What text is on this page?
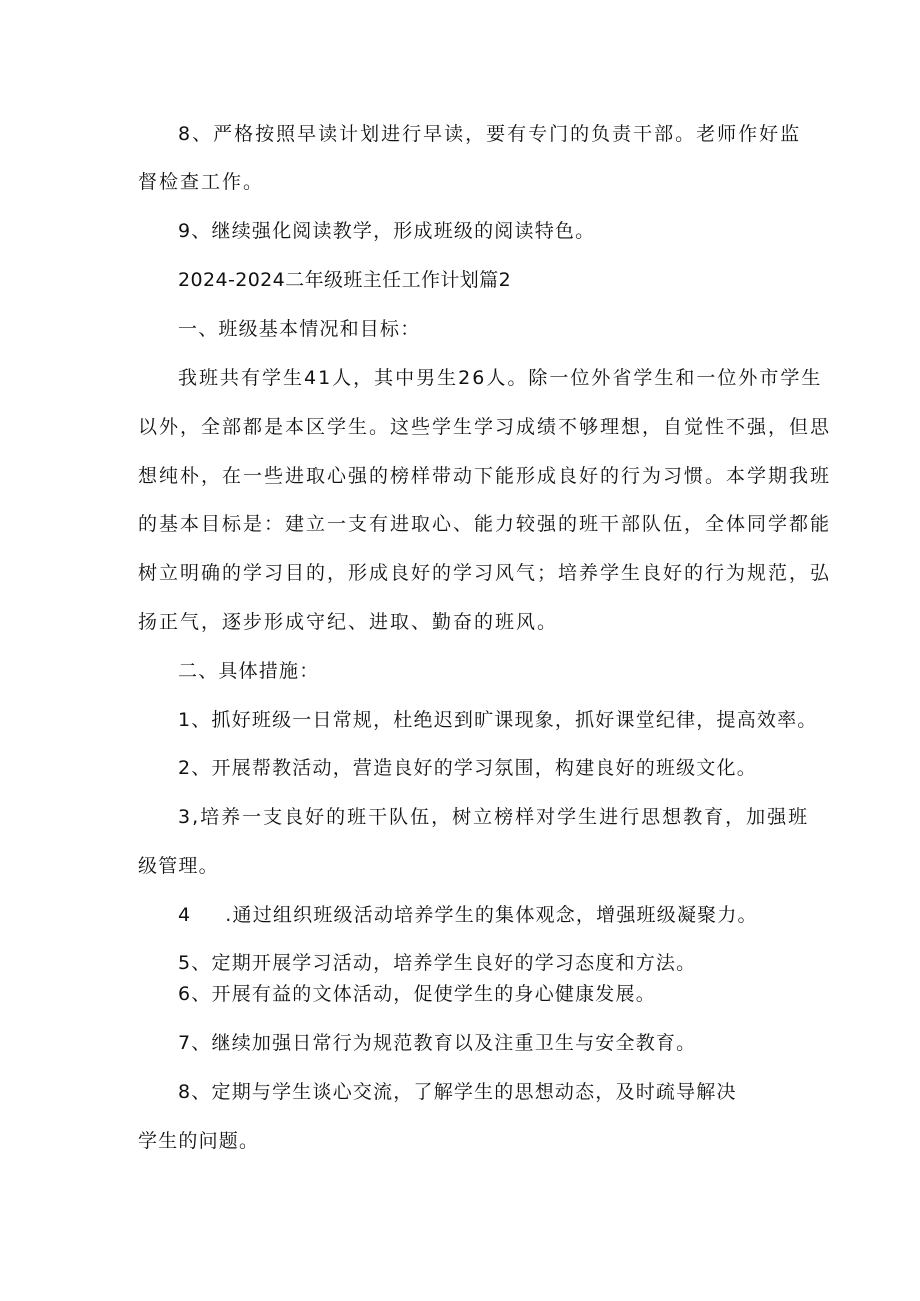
8、严格按照早读计划进行早读，要有专门的负责干部。老师作好监
督检查工作。
9、继续强化阅读教学，形成班级的阅读特色。
2024-2024二年级班主任工作计划篇2
一、班级基本情况和目标：
我班共有学生41人，其中男生26人。除一位外省学生和一位外市学生
以外，全部都是本区学生。这些学生学习成绩不够理想，自觉性不强，但思
想纯朴，在一些进取心强的榜样带动下能形成良好的行为习惯。本学期我班
的基本目标是：建立一支有进取心、能力较强的班干部队伍，全体同学都能
树立明确的学习目的，形成良好的学习风气；培养学生良好的行为规范，弘
扬正气，逐步形成守纪、进取、勤奋的班风。
二、具体措施：
1、抓好班级一日常规，杜绝迟到旷课现象，抓好课堂纪律，提高效率。
2、开展帮教活动，营造良好的学习氛围，构建良好的班级文化。
3,培养一支良好的班干队伍，树立榜样对学生进行思想教育，加强班
级管理。
4 .通过组织班级活动培养学生的集体观念，增强班级凝聚力。
5、定期开展学习活动，培养学生良好的学习态度和方法。
6、开展有益的文体活动，促使学生的身心健康发展。
7、继续加强日常行为规范教育以及注重卫生与安全教育。
8、定期与学生谈心交流，了解学生的思想动态，及时疏导解决
学生的问题。
